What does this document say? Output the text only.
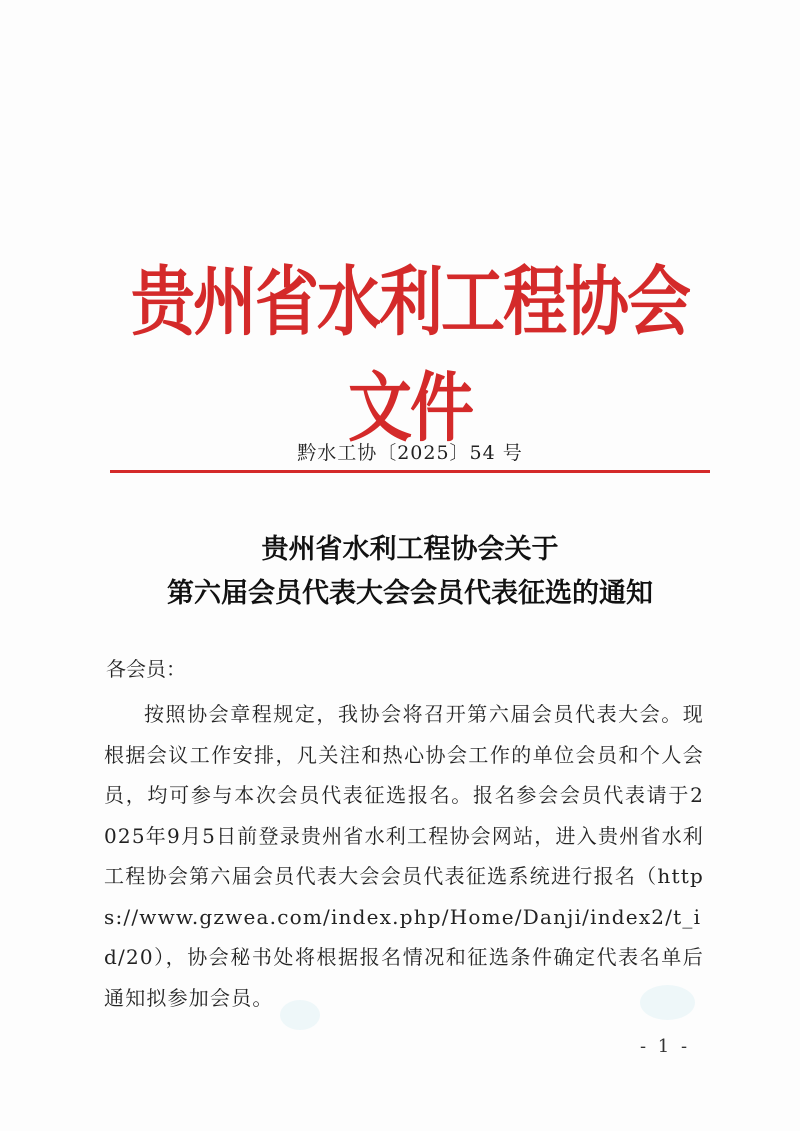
贵州省水利工程协会文件
黔水工协〔2025〕54 号
贵州省水利工程协会关于
第六届会员代表大会会员代表征选的通知
各会员：
按照协会章程规定，我协会将召开第六届会员代表大会。现根据会议工作安排，凡关注和热心协会工作的单位会员和个人会员，均可参与本次会员代表征选报名。报名参会会员代表请于2025年9月5日前登录贵州省水利工程协会网站，进入贵州省水利工程协会第六届会员代表大会会员代表征选系统进行报名（https://www.gzwea.com/index.php/Home/Danji/index2/t_id/20），协会秘书处将根据报名情况和征选条件确定代表名单后通知拟参加会员。
- 1 -
